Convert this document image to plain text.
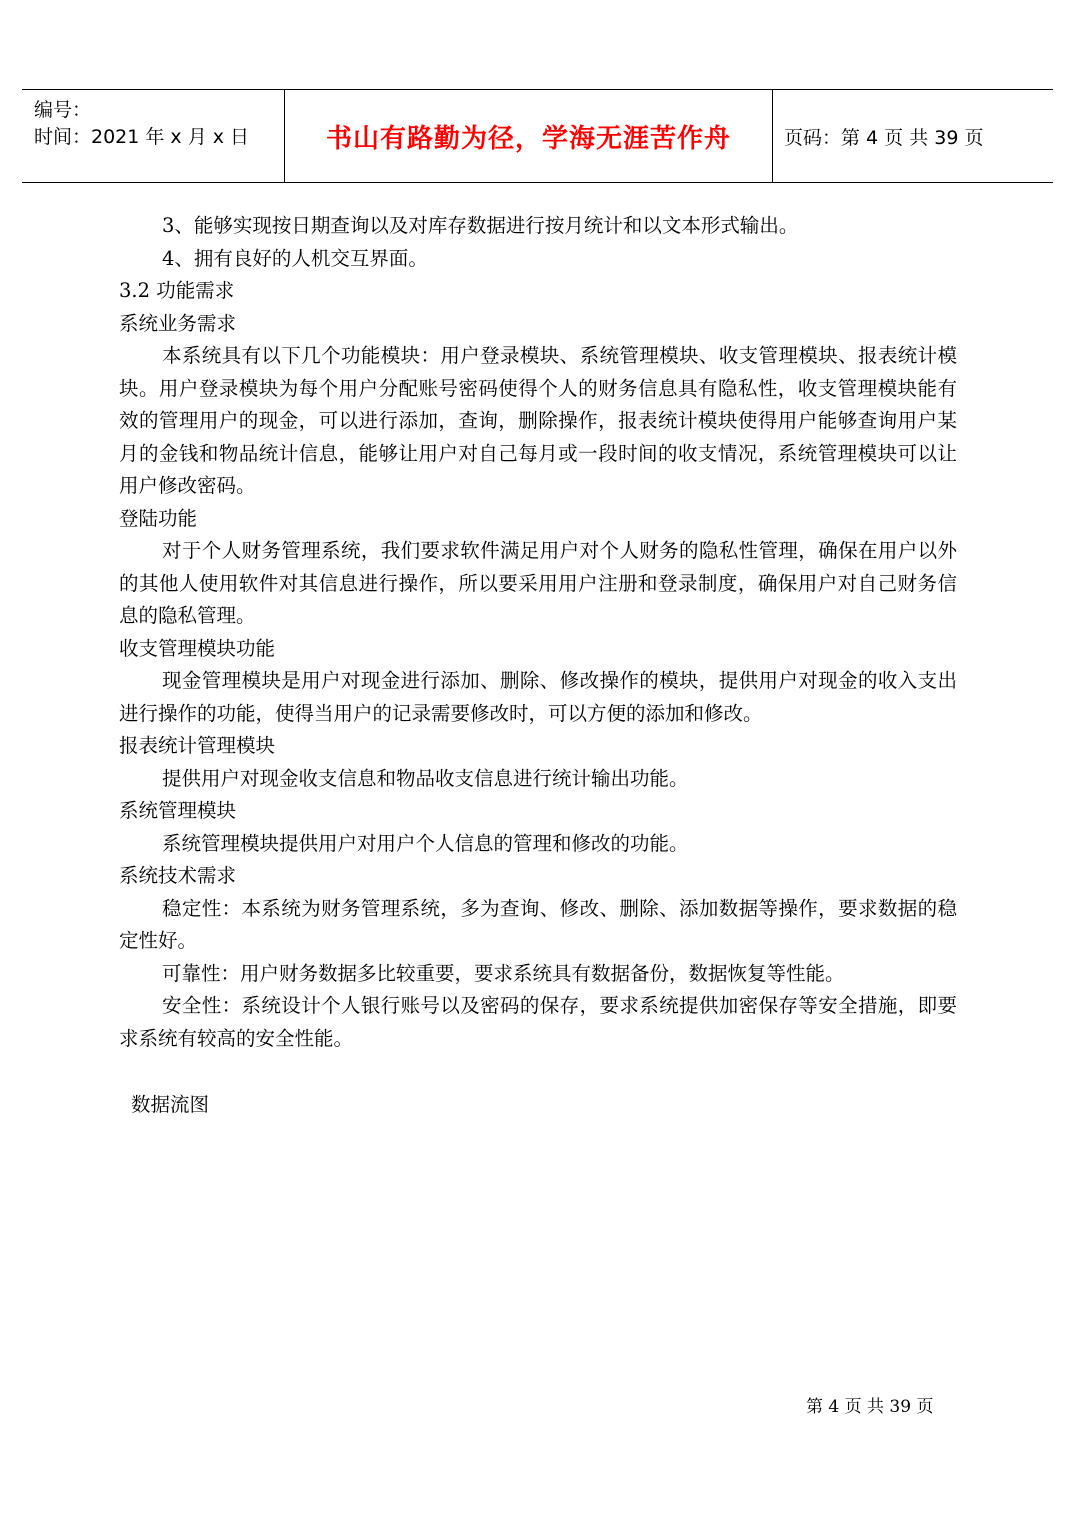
编号：
时间：2021 年 x 月 x 日	书山有路勤为径，学海无涯苦作舟	页码：第 4 页 共 39 页

3、能够实现按日期查询以及对库存数据进行按月统计和以文本形式输出。

4、拥有良好的人机交互界面。

3.2 功能需求

系统业务需求

本系统具有以下几个功能模块：用户登录模块、系统管理模块、收支管理模块、报表统计模块。用户登录模块为每个用户分配账号密码使得个人的财务信息具有隐私性，收支管理模块能有效的管理用户的现金，可以进行添加，查询，删除操作，报表统计模块使得用户能够查询用户某月的金钱和物品统计信息，能够让用户对自己每月或一段时间的收支情况，系统管理模块可以让用户修改密码。

登陆功能

对于个人财务管理系统，我们要求软件满足用户对个人财务的隐私性管理，确保在用户以外的其他人使用软件对其信息进行操作，所以要采用用户注册和登录制度，确保用户对自己财务信息的隐私管理。

收支管理模块功能

现金管理模块是用户对现金进行添加、删除、修改操作的模块，提供用户对现金的收入支出进行操作的功能，使得当用户的记录需要修改时，可以方便的添加和修改。

报表统计管理模块

提供用户对现金收支信息和物品收支信息进行统计输出功能。

系统管理模块

系统管理模块提供用户对用户个人信息的管理和修改的功能。

系统技术需求

稳定性：本系统为财务管理系统，多为查询、修改、删除、添加数据等操作，要求数据的稳定性好。

可靠性：用户财务数据多比较重要，要求系统具有数据备份，数据恢复等性能。

安全性：系统设计个人银行账号以及密码的保存，要求系统提供加密保存等安全措施，即要求系统有较高的安全性能。

数据流图
第 4 页 共 39 页
